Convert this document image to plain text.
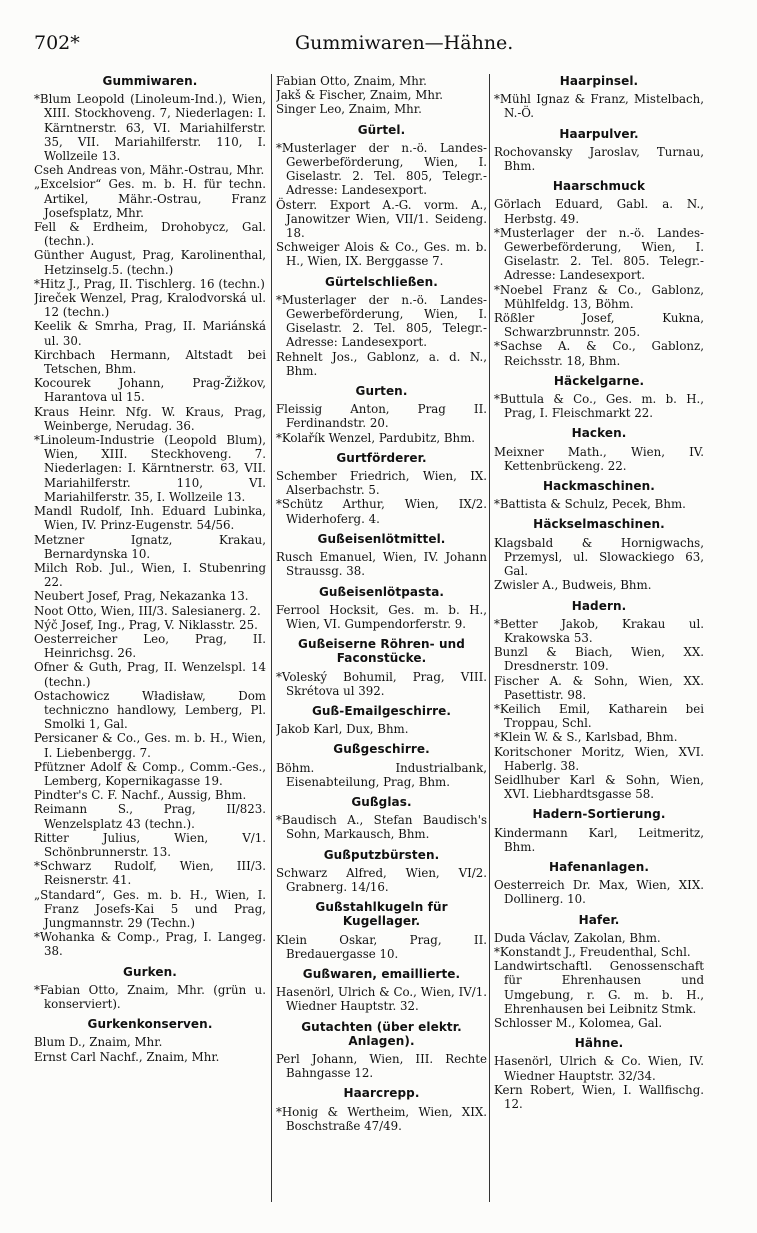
702*	Gummiwaren—Hähne.
Gummiwaren.
*Blum Leopold (Linoleum-Ind.), Wien, XIII. Stockhoveng. 7, Niederlagen: I. Kärntnerstr. 63, VI. Mariahilferstr. 35, VII. Mariahilferstr. 110, I. Wollzeile 13.
Cseh Andreas von, Mähr.-Ostrau, Mhr.
„Excelsior“ Ges. m. b. H. für techn. Artikel, Mähr.-Ostrau, Franz Josefsplatz, Mhr.
Fell & Erdheim, Drohobycz, Gal. (techn.).
Günther August, Prag, Karolinenthal, Hetzinselg.5. (techn.)
*Hitz J., Prag, II. Tischlerg. 16 (techn.)
Jireček Wenzel, Prag, Kralodvorská ul. 12 (techn.)
Keelik & Smrha, Prag, II. Mariánská ul. 30.
Kirchbach Hermann, Altstadt bei Tetschen, Bhm.
Kocourek Johann, Prag-Žižkov, Harantova ul 15.
Kraus Heinr. Nfg. W. Kraus, Prag, Weinberge, Nerudag. 36.
*Linoleum-Industrie (Leopold Blum), Wien, XIII. Steckhoveng. 7. Niederlagen: I. Kärntnerstr. 63, VII. Mariahilferstr. 110, VI. Mariahilferstr. 35, I. Wollzeile 13.
Mandl Rudolf, Inh. Eduard Lubinka, Wien, IV. Prinz-Eugenstr. 54/56.
Metzner Ignatz, Krakau, Bernardynska 10.
Milch Rob. Jul., Wien, I. Stubenring 22.
Neubert Josef, Prag, Nekazanka 13.
Noot Otto, Wien, III/3. Salesianerg. 2.
Nýč Josef, Ing., Prag, V. Niklasstr. 25.
Oesterreicher Leo, Prag, II. Heinrichsg. 26.
Ofner & Guth, Prag, II. Wenzelspl. 14 (techn.)
Ostachowicz Władisław, Dom techniczno handlowy, Lemberg, Pl. Smolki 1, Gal.
Persicaner & Co., Ges. m. b. H., Wien, I. Liebenbergg. 7.
Pfützner Adolf & Comp., Comm.-Ges., Lemberg, Kopernikagasse 19.
Pindter's C. F. Nachf., Aussig, Bhm.
Reimann S., Prag, II/823. Wenzelsplatz 43 (techn.).
Ritter Julius, Wien, V/1. Schönbrunnerstr. 13.
*Schwarz Rudolf, Wien, III/3. Reisnerstr. 41.
„Standard“, Ges. m. b. H., Wien, I. Franz Josefs-Kai 5 und Prag, Jungmannstr. 29 (Techn.)
*Wohanka & Comp., Prag, I. Langeg. 38.
Gurken.
*Fabian Otto, Znaim, Mhr. (grün u. konserviert).
Gurkenkonserven.
Blum D., Znaim, Mhr.
Ernst Carl Nachf., Znaim, Mhr.
Fabian Otto, Znaim, Mhr.
Jakš & Fischer, Znaim, Mhr.
Singer Leo, Znaim, Mhr.
Gürtel.
*Musterlager der n.-ö. Landes-Gewerbeförderung, Wien, I. Giselastr. 2. Tel. 805, Telegr.-Adresse: Landesexport.
Österr. Export A.-G. vorm. A., Janowitzer Wien, VII/1. Seideng. 18.
Schweiger Alois & Co., Ges. m. b. H., Wien, IX. Berggasse 7.
Gürtelschließen.
*Musterlager der n.-ö. Landes-Gewerbeförderung, Wien, I. Giselastr. 2. Tel. 805, Telegr.-Adresse: Landesexport.
Rehnelt Jos., Gablonz, a. d. N., Bhm.
Gurten.
Fleissig Anton, Prag II. Ferdinandstr. 20.
*Kolařík Wenzel, Pardubitz, Bhm.
Gurtförderer.
Schember Friedrich, Wien, IX. Alserbachstr. 5.
*Schütz Arthur, Wien, IX/2. Widerhoferg. 4.
Gußeisenlötmittel.
Rusch Emanuel, Wien, IV. Johann Straussg. 38.
Gußeisenlötpasta.
Ferrool Hocksit, Ges. m. b. H., Wien, VI. Gumpendorferstr. 9.
Gußeiserne Röhren- und Faconstücke.
*Voleský Bohumil, Prag, VIII. Skrétova ul 392.
Guß-Emailgeschirre.
Jakob Karl, Dux, Bhm.
Gußgeschirre.
Böhm. Industrialbank, Eisenabteilung, Prag, Bhm.
Gußglas.
*Baudisch A., Stefan Baudisch's Sohn, Markausch, Bhm.
Gußputzbürsten.
Schwarz Alfred, Wien, VI/2. Grabnerg. 14/16.
Gußstahlkugeln für Kugellager.
Klein Oskar, Prag, II. Bredauergasse 10.
Gußwaren, emaillierte.
Hasenörl, Ulrich & Co., Wien, IV/1. Wiedner Hauptstr. 32.
Gutachten (über elektr. Anlagen).
Perl Johann, Wien, III. Rechte Bahngasse 12.
Haarcrepp.
*Honig & Wertheim, Wien, XIX. Boschstraße 47/49.
Haarpinsel.
*Mühl Ignaz & Franz, Mistelbach, N.-Ö.
Haarpulver.
Rochovansky Jaroslav, Turnau, Bhm.
Haarschmuck
Görlach Eduard, Gabl. a. N., Herbstg. 49.
*Musterlager der n.-ö. Landes-Gewerbeförderung, Wien, I. Giselastr. 2. Tel. 805. Telegr.-Adresse: Landesexport.
*Noebel Franz & Co., Gablonz, Mühlfeldg. 13, Böhm.
Rößler Josef, Kukna, Schwarzbrunnstr. 205.
*Sachse A. & Co., Gablonz, Reichsstr. 18, Bhm.
Häckelgarne.
*Buttula & Co., Ges. m. b. H., Prag, I. Fleischmarkt 22.
Hacken.
Meixner Math., Wien, IV. Kettenbrückeng. 22.
Hackmaschinen.
*Battista & Schulz, Pecek, Bhm.
Häckselmaschinen.
Klagsbald & Hornigwachs, Przemysl, ul. Slowackiego 63, Gal.
Zwisler A., Budweis, Bhm.
Hadern.
*Better Jakob, Krakau ul. Krakowska 53.
Bunzl & Biach, Wien, XX. Dresdnerstr. 109.
Fischer A. & Sohn, Wien, XX. Pasettistr. 98.
*Keilich Emil, Katharein bei Troppau, Schl.
*Klein W. & S., Karlsbad, Bhm.
Koritschoner Moritz, Wien, XVI. Haberlg. 38.
Seidlhuber Karl & Sohn, Wien, XVI. Liebhardtsgasse 58.
Hadern-Sortierung.
Kindermann Karl, Leitmeritz, Bhm.
Hafenanlagen.
Oesterreich Dr. Max, Wien, XIX. Dollinerg. 10.
Hafer.
Duda Václav, Zakolan, Bhm.
*Konstandt J., Freudenthal, Schl.
Landwirtschaftl. Genossenschaft für Ehrenhausen und Umgebung, r. G. m. b. H., Ehrenhausen bei Leibnitz Stmk.
Schlosser M., Kolomea, Gal.
Hähne.
Hasenörl, Ulrich & Co. Wien, IV. Wiedner Hauptstr. 32/34.
Kern Robert, Wien, I. Wallfischg. 12.
